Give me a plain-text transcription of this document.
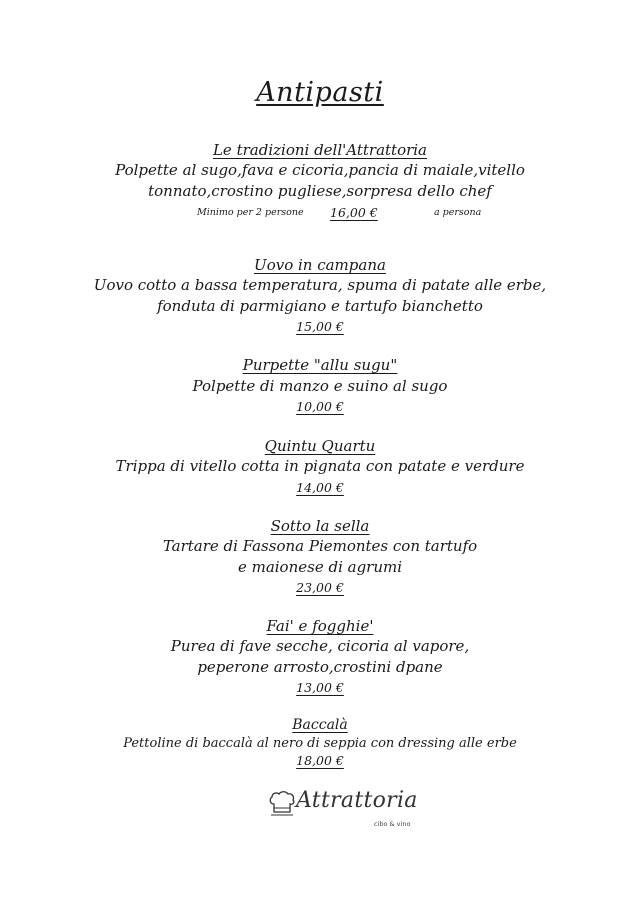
Antipasti
Le tradizioni dell'Attrattoria
Polpette al sugo,fava e cicoria,pancia di maiale,vitello
tonnato,crostino pugliese,sorpresa dello chef
Minimo per 2 persone 16,00 €	a persona
Uovo in campana
Uovo cotto a bassa temperatura, spuma di patate alle erbe,
fonduta di parmigiano e tartufo bianchetto
15,00 €
Purpette "allu sugu"
Polpette di manzo e suino al sugo
10,00 €
Quintu Quartu
Trippa di vitello cotta in pignata con patate e verdure
14,00 €
Sotto la sella
Tartare di Fassona Piemontes con tartufo
e maionese di agrumi
23,00 €
Fai' e fogghie'
Purea di fave secche, cicoria al vapore,
peperone arrosto,crostini dpane
13,00 €
Baccalà
Pettoline di baccalà al nero di seppia con dressing alle erbe
18,00 €
Attrattoria
cibo & vino
